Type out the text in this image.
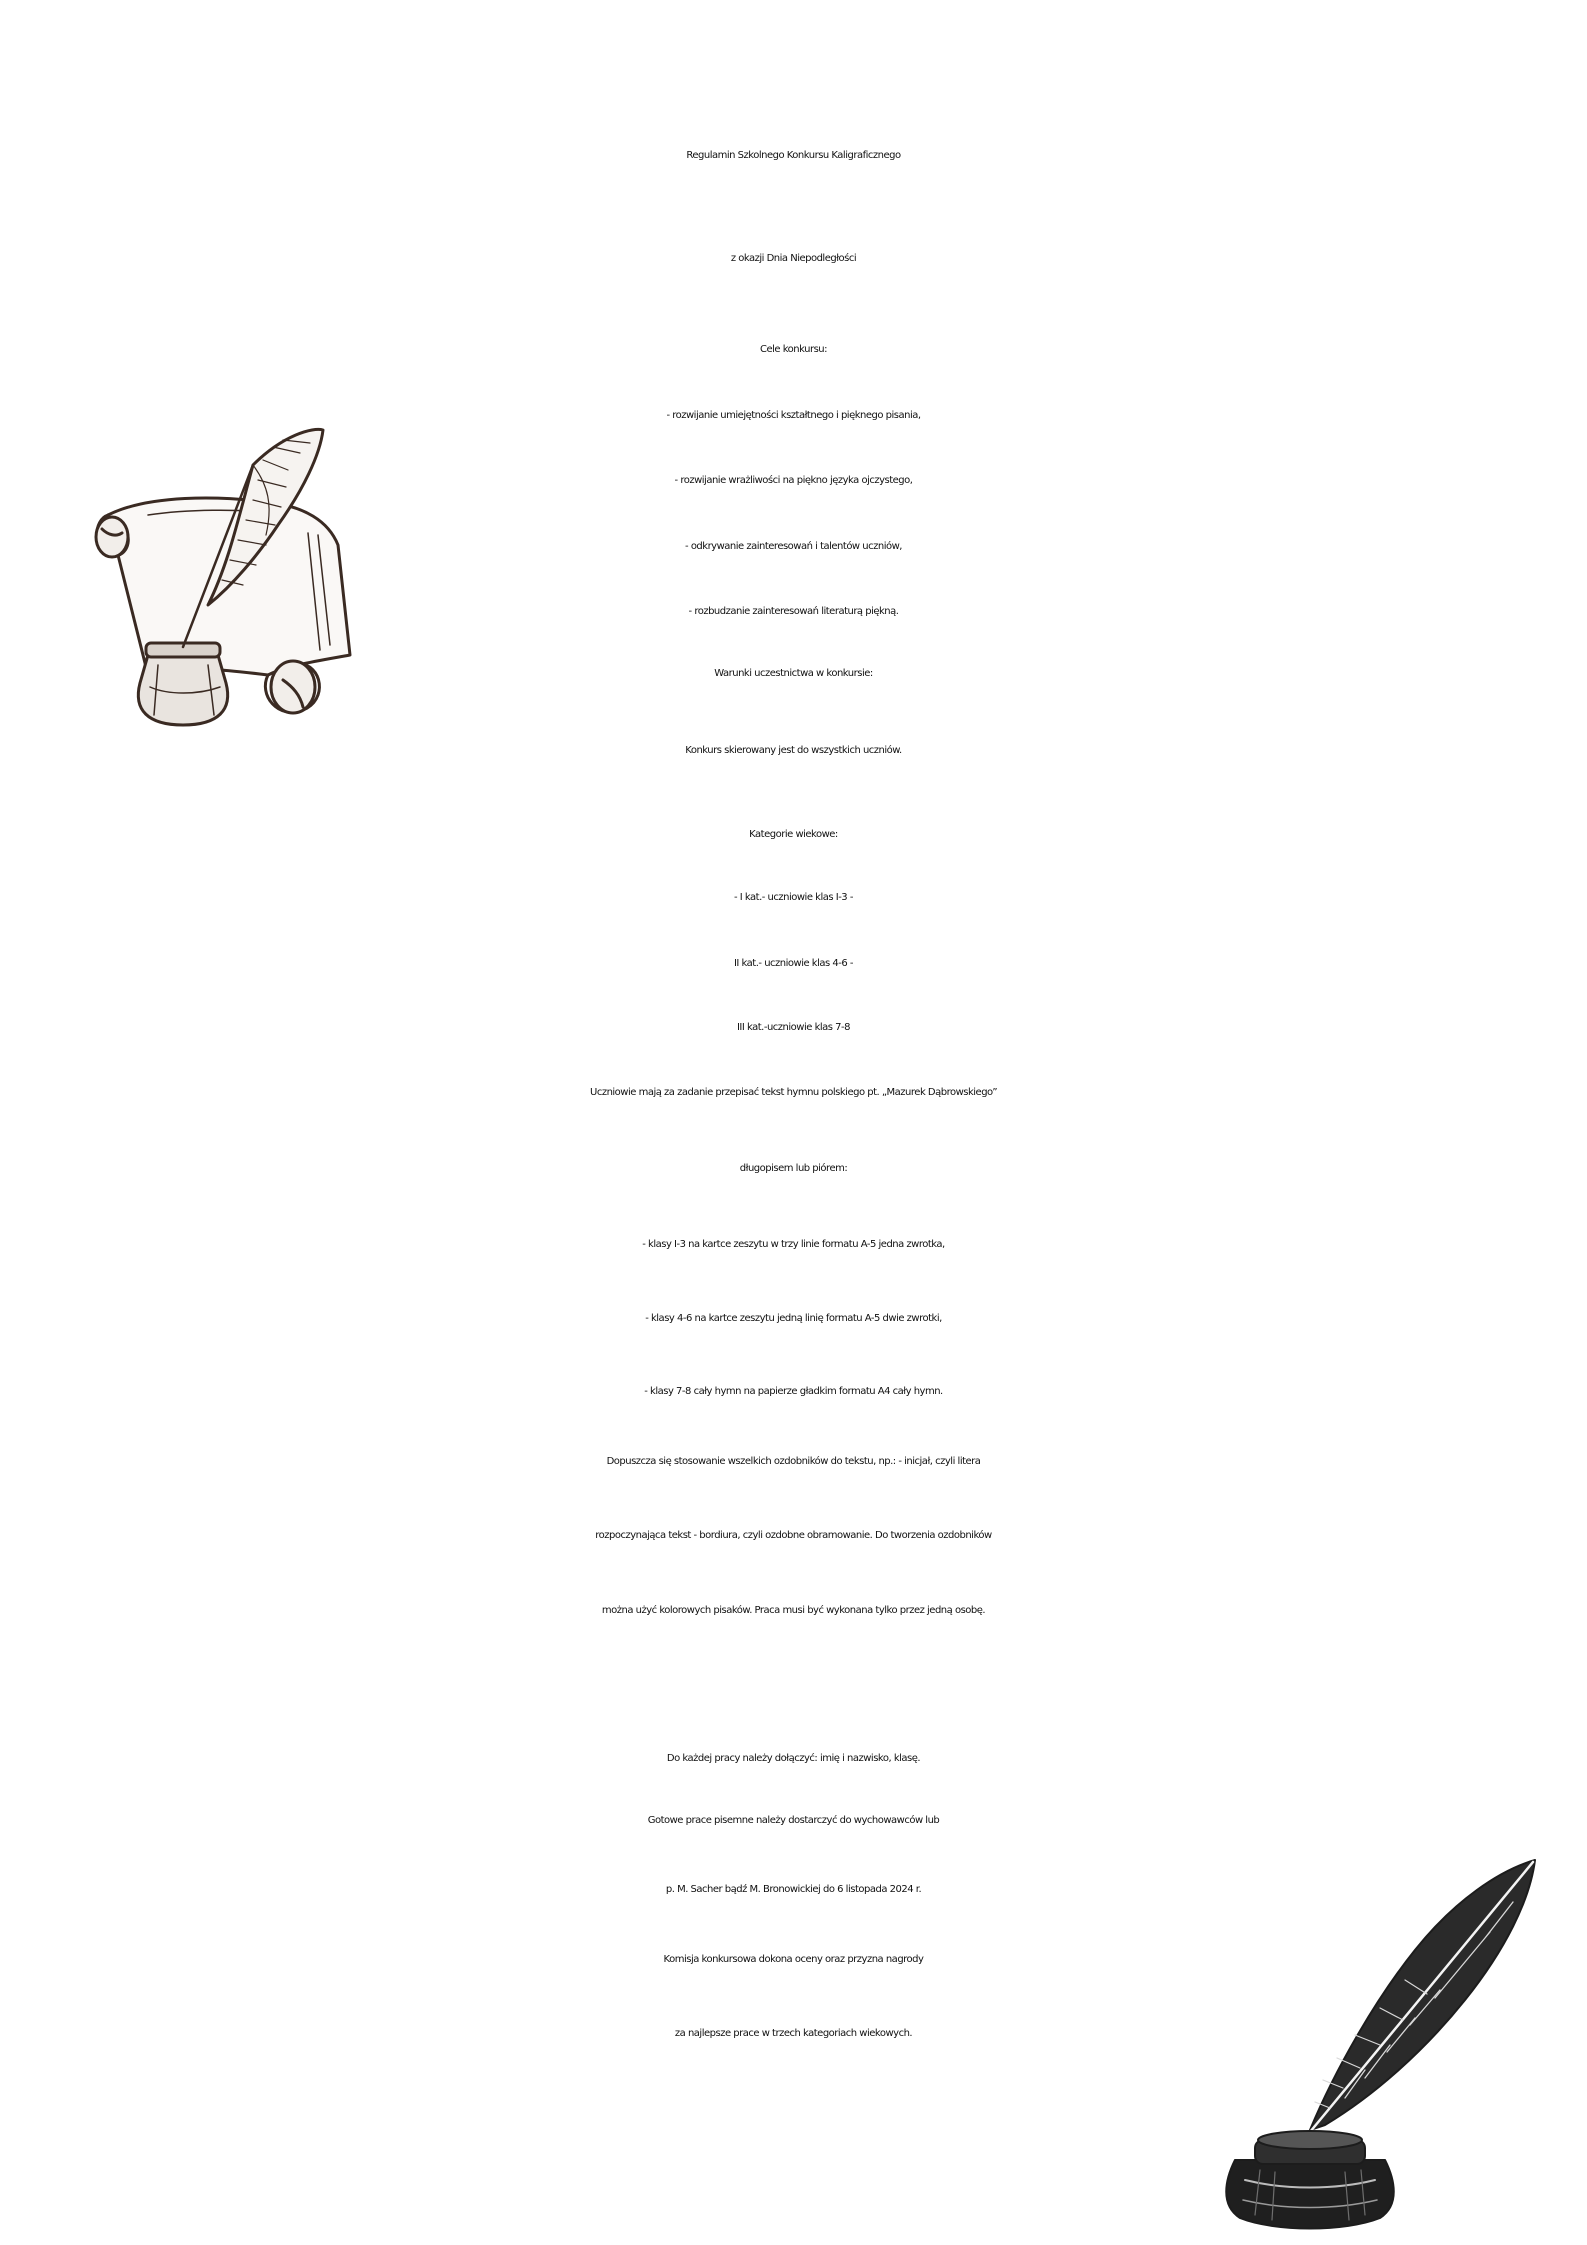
Regulamin Szkolnego Konkursu Kaligraficznego
z okazji Dnia Niepodległości
Cele konkursu:
- rozwijanie umiejętności kształtnego i pięknego pisania,
- rozwijanie wrażliwości na piękno języka ojczystego,
- odkrywanie zainteresowań i talentów uczniów,
- rozbudzanie zainteresowań literaturą piękną.
Warunki uczestnictwa w konkursie:
Konkurs skierowany jest do wszystkich uczniów.
Kategorie wiekowe:
- I kat.- uczniowie klas I-3 -
II kat.- uczniowie klas 4-6 -
III kat.-uczniowie klas 7-8
Uczniowie mają za zadanie przepisać tekst hymnu polskiego pt. „Mazurek Dąbrowskiego”
długopisem lub piórem:
- klasy I-3 na kartce zeszytu w trzy linie formatu A-5 jedna zwrotka,
- klasy 4-6 na kartce zeszytu jedną linię formatu A-5 dwie zwrotki,
- klasy 7-8 cały hymn na papierze gładkim formatu A4 cały hymn.
Dopuszcza się stosowanie wszelkich ozdobników do tekstu, np.: - inicjał, czyli litera
rozpoczynająca tekst - bordiura, czyli ozdobne obramowanie. Do tworzenia ozdobników
można użyć kolorowych pisaków. Praca musi być wykonana tylko przez jedną osobę.
Do każdej pracy należy dołączyć: imię i nazwisko, klasę.
Gotowe prace pisemne należy dostarczyć do wychowawców lub
p. M. Sacher bądź M. Bronowickiej do 6 listopada 2024 r.
Komisja konkursowa dokona oceny oraz przyzna nagrody
za najlepsze prace w trzech kategoriach wiekowych.
